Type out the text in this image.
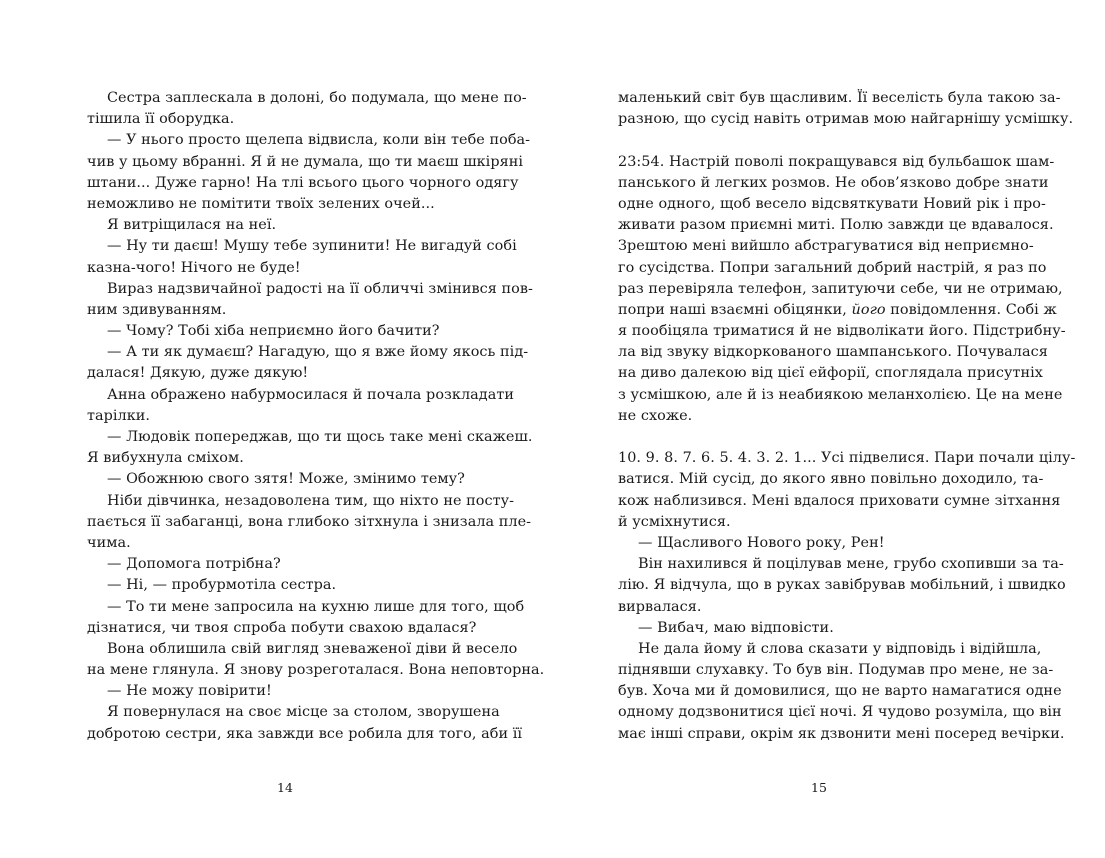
Сестра заплескала в долоні, бо подумала, що мене по-
тішила її оборудка.
— У нього просто щелепа відвисла, коли він тебе поба-
чив у цьому вбранні. Я й не думала, що ти маєш шкіряні
штани... Дуже гарно! На тлі всього цього чорного одягу
неможливо не помітити твоїх зелених очей...
Я витріщилася на неї.
— Ну ти даєш! Мушу тебе зупинити! Не вигадуй собі
казна-чого! Нічого не буде!
Вираз надзвичайної радості на її обличчі змінився пов-
ним здивуванням.
— Чому? Тобі хіба неприємно його бачити?
— А ти як думаєш? Нагадую, що я вже йому якось під-
далася! Дякую, дуже дякую!
Анна ображено набурмосилася й почала розкладати
тарілки.
— Людовік попереджав, що ти щось таке мені скажеш.
Я вибухнула сміхом.
— Обожнюю свого зятя! Може, змінимо тему?
Ніби дівчинка, незадоволена тим, що ніхто не посту-
пається її забаганці, вона глибоко зітхнула і знизала пле-
чима.
— Допомога потрібна?
— Ні, — пробурмотіла сестра.
— То ти мене запросила на кухню лише для того, щоб
дізнатися, чи твоя спроба побути свахою вдалася?
Вона облишила свій вигляд зневаженої діви й весело
на мене глянула. Я знову розреготалася. Вона неповторна.
— Не можу повірити!
Я повернулася на своє місце за столом, зворушена
добротою сестри, яка завжди все робила для того, аби її
маленький світ був щасливим. Її веселість була такою за-
разною, що сусід навіть отримав мою найгарнішу усмішку.
23:54. Настрій поволі покращувався від бульбашок шам-
панського й легких розмов. Не обов’язково добре знати
одне одного, щоб весело відсвяткувати Новий рік і про-
живати разом приємні миті. Полю завжди це вдавалося.
Зрештою мені вийшло абстрагуватися від неприємно-
го сусідства. Попри загальний добрий настрій, я раз по
раз перевіряла телефон, запитуючи себе, чи не отримаю,
попри наші взаємні обіцянки, його повідомлення. Собі ж
я пообіцяла триматися й не відволікати його. Підстрибну-
ла від звуку відкоркованого шампанського. Почувалася
на диво далекою від цієї ейфорії, споглядала присутніх
з усмішкою, але й із неабиякою меланхолією. Це на мене
не схоже.
10. 9. 8. 7. 6. 5. 4. 3. 2. 1... Усі підвелися. Пари почали цілу-
ватися. Мій сусід, до якого явно повільно доходило, та-
кож наблизився. Мені вдалося приховати сумне зітхання
й усміхнутися.
— Щасливого Нового року, Рен!
Він нахилився й поцілував мене, грубо схопивши за та-
лію. Я відчула, що в руках завібрував мобільний, і швидко
вирвалася.
— Вибач, маю відповісти.
Не дала йому й слова сказати у відповідь і відійшла,
піднявши слухавку. То був він. Подумав про мене, не за-
був. Хоча ми й домовилися, що не варто намагатися одне
одному додзвонитися цієї ночі. Я чудово розуміла, що він
має інші справи, окрім як дзвонити мені посеред вечірки.
14	15
